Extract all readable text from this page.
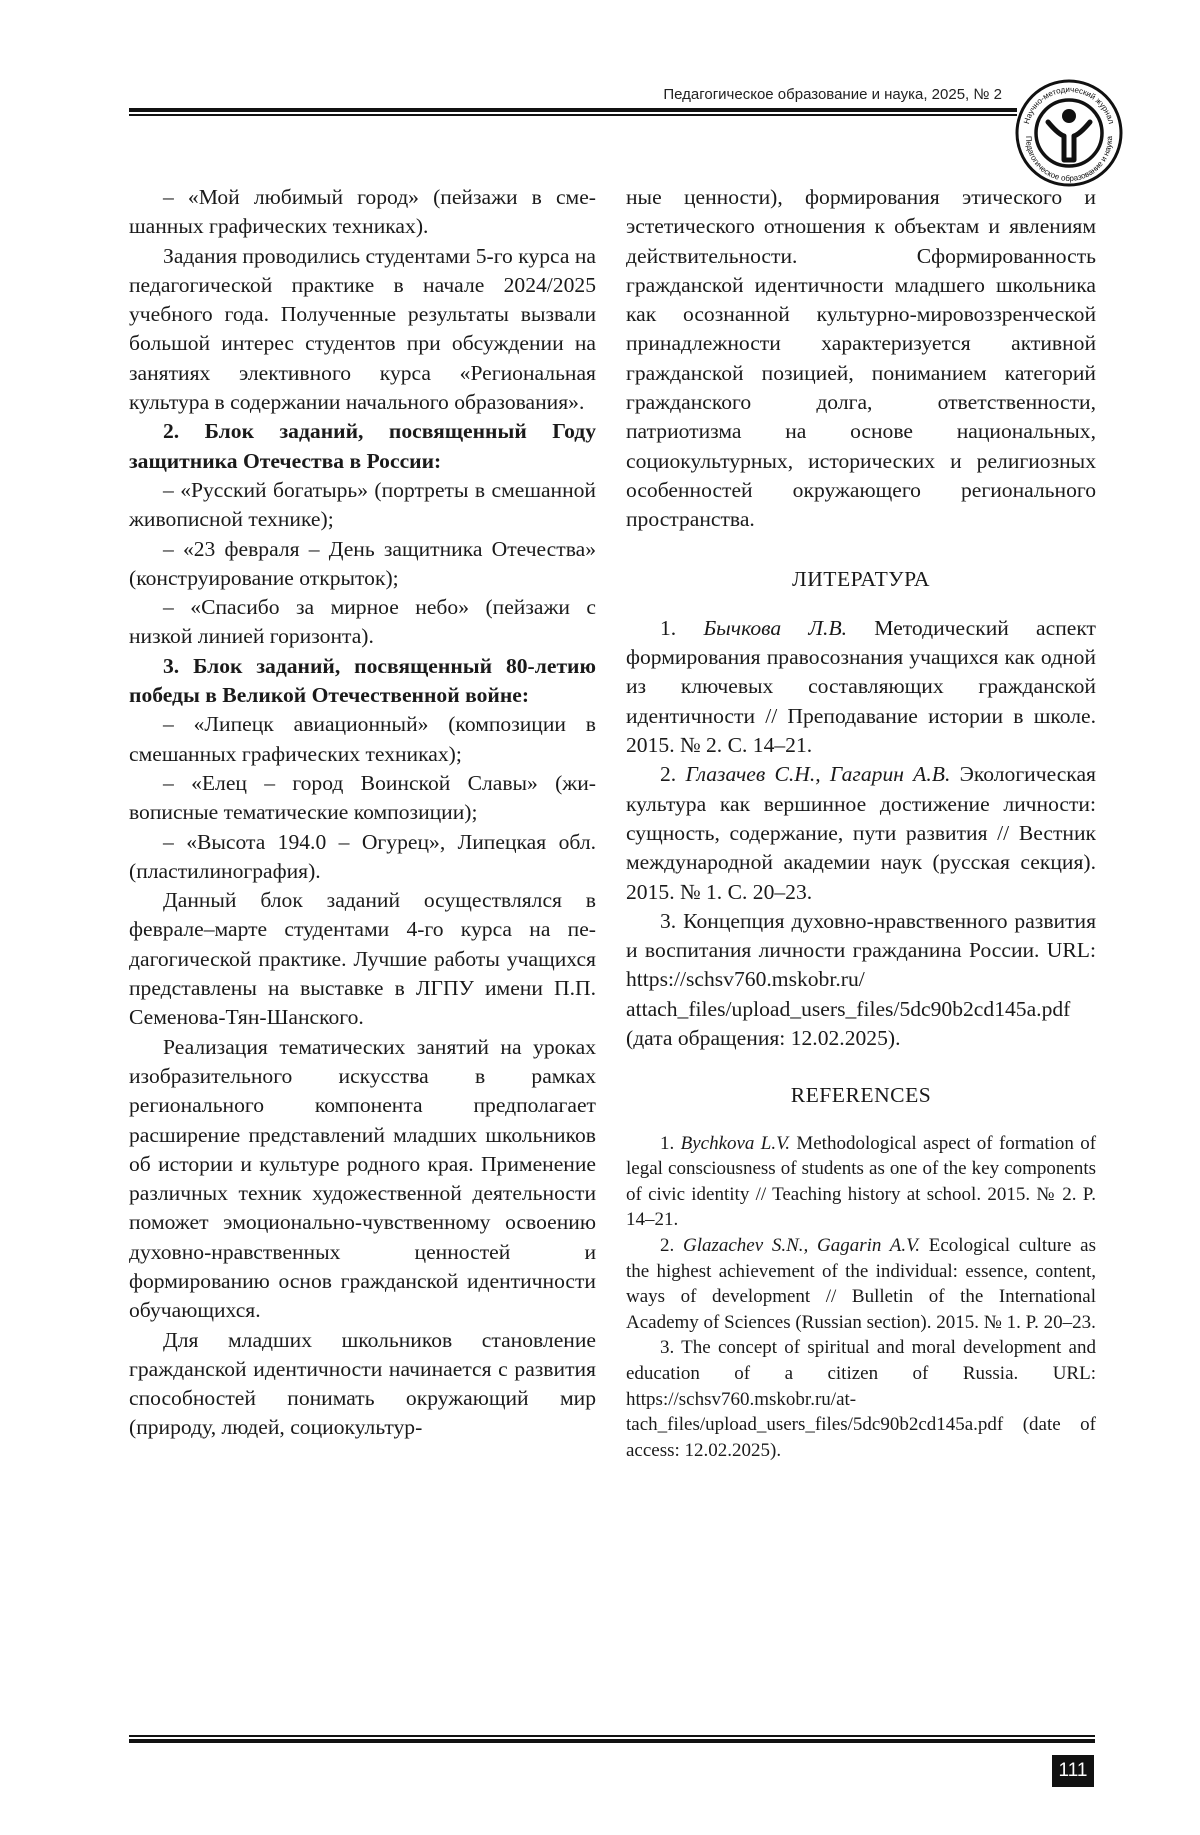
Педагогическое образование и наука, 2025, № 2
Научно-методический журнал
Педагогическое образование и наука

– «Мой любимый город» (пейзажи в смешанных графических техниках).

Задания проводились студентами 5-го курса на педагогической практике в начале 2024/2025 учебного года. Полученные результаты вызвали большой интерес студентов при обсуждении на занятиях элективного курса «Региональная культура в содержании начального образования».

2. Блок заданий, посвященный Году защитника Отечества в России:

– «Русский богатырь» (портреты в смешанной живописной технике);

– «23 февраля – День защитника Отечества» (конструирование открыток);

– «Спасибо за мирное небо» (пейзажи с низкой линией горизонта).

3. Блок заданий, посвященный 80-летию победы в Великой Отечественной войне:

– «Липецк авиационный» (композиции в смешанных графических техниках);

– «Елец – город Воинской Славы» (живописные тематические композиции);

– «Высота 194.0 – Огурец», Липецкая обл. (пластилинография).

Данный блок заданий осуществлялся в феврале–марте студентами 4-го курса на педагогической практике. Лучшие работы учащихся представлены на выставке в ЛГПУ имени П.П. Семенова-Тян-Шанского.

Реализация тематических занятий на уроках изобразительного искусства в рамках регионального компонента предполагает расширение представлений младших школьников об истории и культуре родного края. Применение различных техник художественной деятельности поможет эмоционально-чувственному освоению духовно-нравственных ценностей и формированию основ гражданской идентичности обучающихся.

Для младших школьников становление гражданской идентичности начинается с развития способностей понимать окружающий мир (природу, людей, социокультур-

ные ценности), формирования этического и эстетического отношения к объектам и явлениям действительности. Сформированность гражданской идентичности младшего школьника как осознанной культурно-мировоззренческой принадлежности характеризуется активной гражданской позицией, пониманием категорий гражданского долга, ответственности, патриотизма на основе национальных, социокультурных, исторических и религиозных особенностей окружающего регионального пространства.

ЛИТЕРАТУРА

1. Бычкова Л.В. Методический аспект формирования правосознания учащихся как одной из ключевых составляющих гражданской идентичности // Преподавание истории в школе. 2015. № 2. С. 14–21.

2. Глазачев С.Н., Гагарин А.В. Экологическая культура как вершинное достижение личности: сущность, содержание, пути развития // Вестник международной академии наук (русская секция). 2015. № 1. С. 20–23.

3. Концепция духовно-нравственного развития и воспитания личности гражданина России. URL: https://schsv760.mskobr.ru/ attach_files/upload_users_files/5dc90b2cd145a.pdf (дата обращения: 12.02.2025).

REFERENCES

1. Bychkova L.V. Methodological aspect of formation of legal consciousness of students as one of the key components of civic identity // Teaching history at school. 2015. № 2. P. 14–21.

2. Glazachev S.N., Gagarin A.V. Ecological culture as the highest achievement of the individual: essence, content, ways of development // Bulletin of the International Academy of Sciences (Russian section). 2015. № 1. P. 20–23.

3. The concept of spiritual and moral development and education of a citizen of Russia. URL: https://schsv760.mskobr.ru/attach_files/upload_users_files/5dc90b2cd145a.pdf (date of access: 12.02.2025).

111
